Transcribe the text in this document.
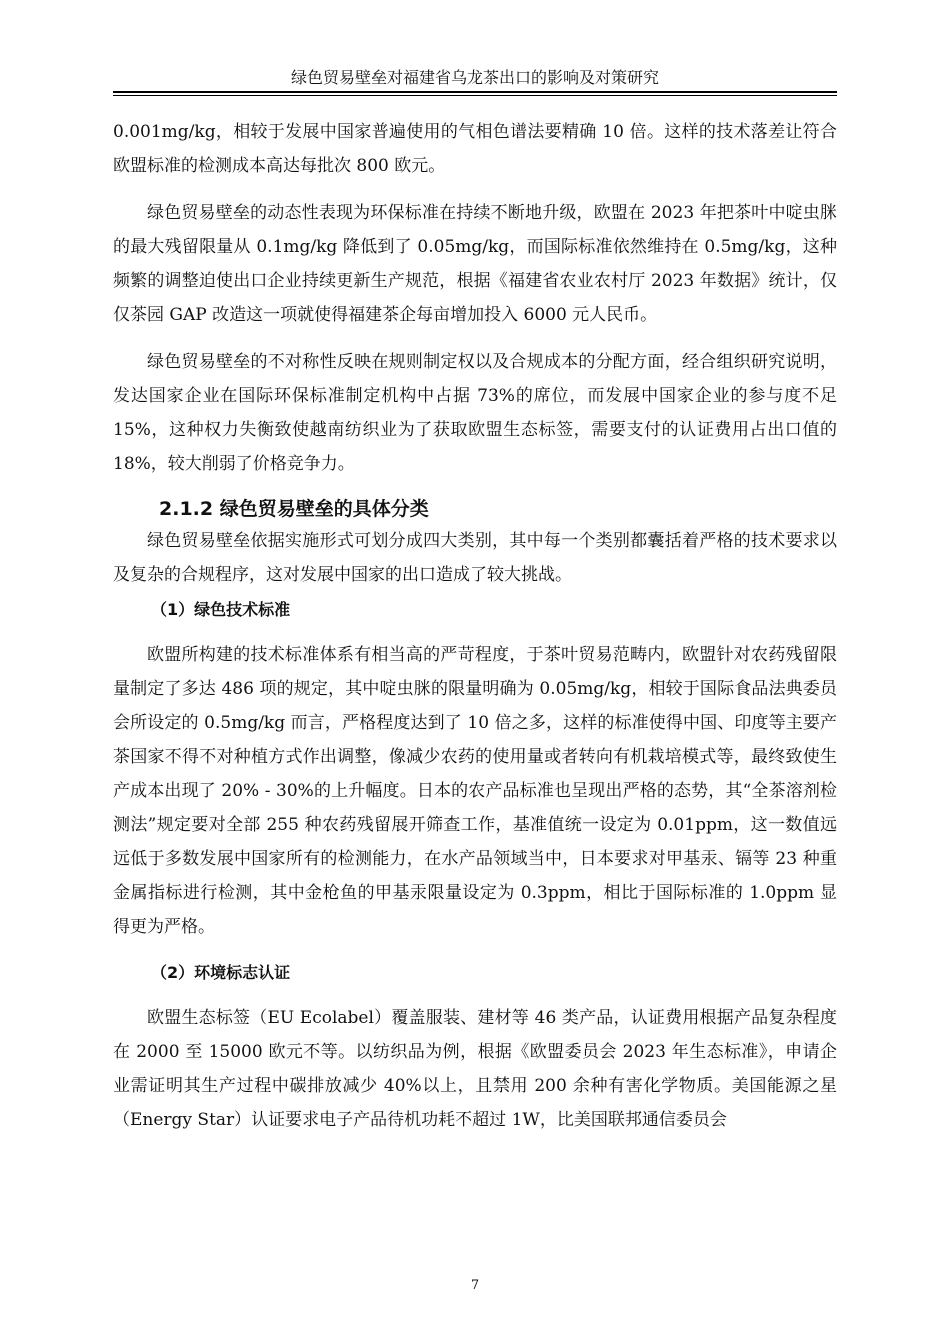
绿色贸易壁垒对福建省乌龙茶出口的影响及对策研究

0.001mg/kg，相较于发展中国家普遍使用的气相色谱法要精确 10 倍。这样的技术落差让符合欧盟标准的检测成本高达每批次 800 欧元。

绿色贸易壁垒的动态性表现为环保标准在持续不断地升级，欧盟在 2023 年把茶叶中啶虫脒的最大残留限量从 0.1mg/kg 降低到了 0.05mg/kg，而国际标准依然维持在 0.5mg/kg，这种频繁的调整迫使出口企业持续更新生产规范，根据《福建省农业农村厅 2023 年数据》统计，仅仅茶园 GAP 改造这一项就使得福建茶企每亩增加投入 6000 元人民币。

绿色贸易壁垒的不对称性反映在规则制定权以及合规成本的分配方面，经合组织研究说明，发达国家企业在国际环保标准制定机构中占据 73%的席位，而发展中国家企业的参与度不足 15%，这种权力失衡致使越南纺织业为了获取欧盟生态标签，需要支付的认证费用占出口值的 18%，较大削弱了价格竞争力。

2.1.2 绿色贸易壁垒的具体分类

绿色贸易壁垒依据实施形式可划分成四大类别，其中每一个类别都囊括着严格的技术要求以及复杂的合规程序，这对发展中国家的出口造成了较大挑战。

（1）绿色技术标准

欧盟所构建的技术标准体系有相当高的严苛程度，于茶叶贸易范畴内，欧盟针对农药残留限量制定了多达 486 项的规定，其中啶虫脒的限量明确为 0.05mg/kg，相较于国际食品法典委员会所设定的 0.5mg/kg 而言，严格程度达到了 10 倍之多，这样的标准使得中国、印度等主要产茶国家不得不对种植方式作出调整，像减少农药的使用量或者转向有机栽培模式等，最终致使生产成本出现了 20% - 30%的上升幅度。日本的农产品标准也呈现出严格的态势，其“全茶溶剂检测法”规定要对全部 255 种农药残留展开筛查工作，基准值统一设定为 0.01ppm，这一数值远远低于多数发展中国家所有的检测能力，在水产品领域当中，日本要求对甲基汞、镉等 23 种重金属指标进行检测，其中金枪鱼的甲基汞限量设定为 0.3ppm，相比于国际标准的 1.0ppm 显得更为严格。

（2）环境标志认证

欧盟生态标签（EU Ecolabel）覆盖服装、建材等 46 类产品，认证费用根据产品复杂程度在 2000 至 15000 欧元不等。以纺织品为例，根据《欧盟委员会 2023 年生态标准》，申请企业需证明其生产过程中碳排放减少 40%以上，且禁用 200 余种有害化学物质。美国能源之星（Energy Star）认证要求电子产品待机功耗不超过 1W，比美国联邦通信委员会

7
